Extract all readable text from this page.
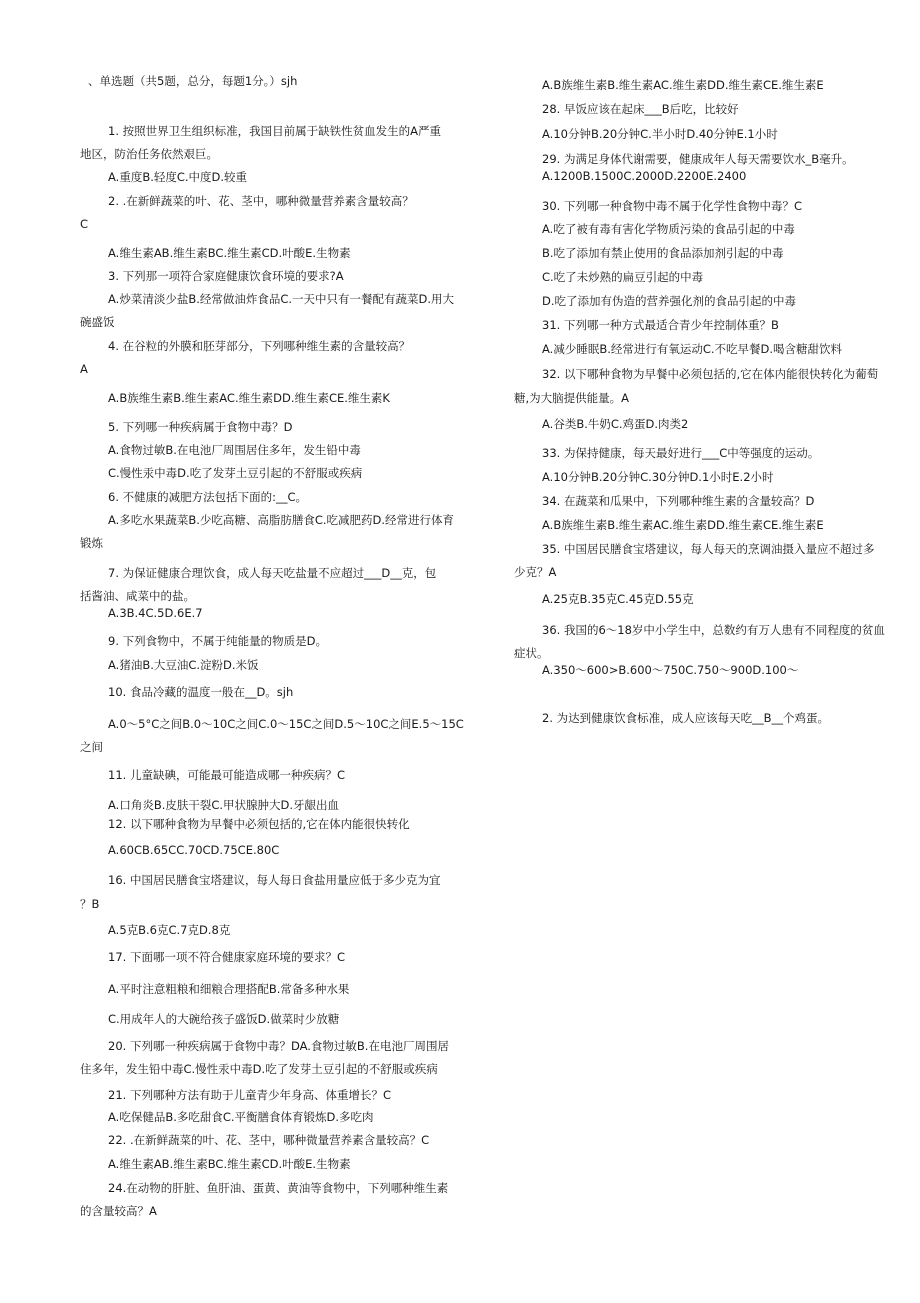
、单选题（共5题，总分，每题1分。）sjh
1. 按照世界卫生组织标准，我国目前属于缺铁性贫血发生的A严重
地区，防治任务依然艰巨。
A.重度B.轻度C.中度D.较重
2. .在新鲜蔬菜的叶、花、茎中，哪种微量营养素含量较高？
C
A.维生素AB.维生素BC.维生素CD.叶酸E.生物素
3. 下列那一项符合家庭健康饮食环境的要求?A
A.炒菜清淡少盐B.经常做油炸食品C.一天中只有一餐配有蔬菜D.用大
碗盛饭
4. 在谷粒的外膜和胚芽部分，下列哪种维生素的含量较高？
A
A.B族维生素B.维生素AC.维生素DD.维生素CE.维生素K
5. 下列哪一种疾病属于食物中毒？D
A.食物过敏B.在电池厂周围居住多年，发生铅中毒
C.慢性汞中毒D.吃了发芽土豆引起的不舒服或疾病
6. 不健康的减肥方法包括下面的:__C。
A.多吃水果蔬菜B.少吃高糖、高脂肪膳食C.吃减肥药D.经常进行体育
锻炼
7. 为保证健康合理饮食，成人每天吃盐量不应超过___D__克，包
括酱油、咸菜中的盐。
A.3B.4C.5D.6E.7
9. 下列食物中，不属于纯能量的物质是D。
A.猪油B.大豆油C.淀粉D.米饭
10. 食品冷藏的温度一般在__D。sjh
A.0～5°C之间B.0～10C之间C.0～15C之间D.5～10C之间E.5～15C
之间
11. 儿童缺碘，可能最可能造成哪一种疾病？C
A.口角炎B.皮肤干裂C.甲状腺肿大D.牙龈出血
12. 以下哪种食物为早餐中必须包括的,它在体内能很快转化
A.60CB.65CC.70CD.75CE.80C
16. 中国居民膳食宝塔建议，每人每日食盐用量应低于多少克为宜
？B
A.5克B.6克C.7克D.8克
17. 下面哪一项不符合健康家庭环境的要求？C
A.平时注意粗粮和细粮合理搭配B.常备多种水果
C.用成年人的大碗给孩子盛饭D.做菜时少放糖
20. 下列哪一种疾病属于食物中毒？DA.食物过敏B.在电池厂周围居
住多年，发生铅中毒C.慢性汞中毒D.吃了发芽土豆引起的不舒服或疾病
21. 下列哪种方法有助于儿童青少年身高、体重增长？C
A.吃保健品B.多吃甜食C.平衡膳食体育锻炼D.多吃肉
22. .在新鲜蔬菜的叶、花、茎中，哪种微量营养素含量较高？C
A.维生素AB.维生素BC.维生素CD.叶酸E.生物素
24.在动物的肝脏、鱼肝油、蛋黄、黄油等食物中，下列哪种维生素
的含量较高？A
A.B族维生素B.维生素AC.维生素DD.维生素CE.维生素E
28. 早饭应该在起床___B后吃，比较好
A.10分钟B.20分钟C.半小时D.40分钟E.1小时
29. 为满足身体代谢需要，健康成年人每天需要饮水_B毫升。
A.1200B.1500C.2000D.2200E.2400
30. 下列哪一种食物中毒不属于化学性食物中毒？C
A.吃了被有毒有害化学物质污染的食品引起的中毒
B.吃了添加有禁止使用的食品添加剂引起的中毒
C.吃了未炒熟的扁豆引起的中毒
D.吃了添加有伪造的营养强化剂的食品引起的中毒
31. 下列哪一种方式最适合青少年控制体重？B
A.减少睡眠B.经常进行有氧运动C.不吃早餐D.喝含糖甜饮料
32. 以下哪种食物为早餐中必须包括的,它在体内能很快转化为葡萄
糖,为大脑提供能量。A
A.谷类B.牛奶C.鸡蛋D.肉类2
33. 为保持健康，每天最好进行___C中等强度的运动。
A.10分钟B.20分钟C.30分钟D.1小时E.2小时
34. 在蔬菜和瓜果中，下列哪种维生素的含量较高？D
A.B族维生素B.维生素AC.维生素DD.维生素CE.维生素E
35. 中国居民膳食宝塔建议，每人每天的烹调油摄入量应不超过多
少克？A
A.25克B.35克C.45克D.55克
36. 我国的6～18岁中小学生中，总数约有万人患有不同程度的贫血
症状。
A.350～600>B.600～750C.750～900D.100～
2. 为达到健康饮食标准，成人应该每天吃__B__个鸡蛋。
